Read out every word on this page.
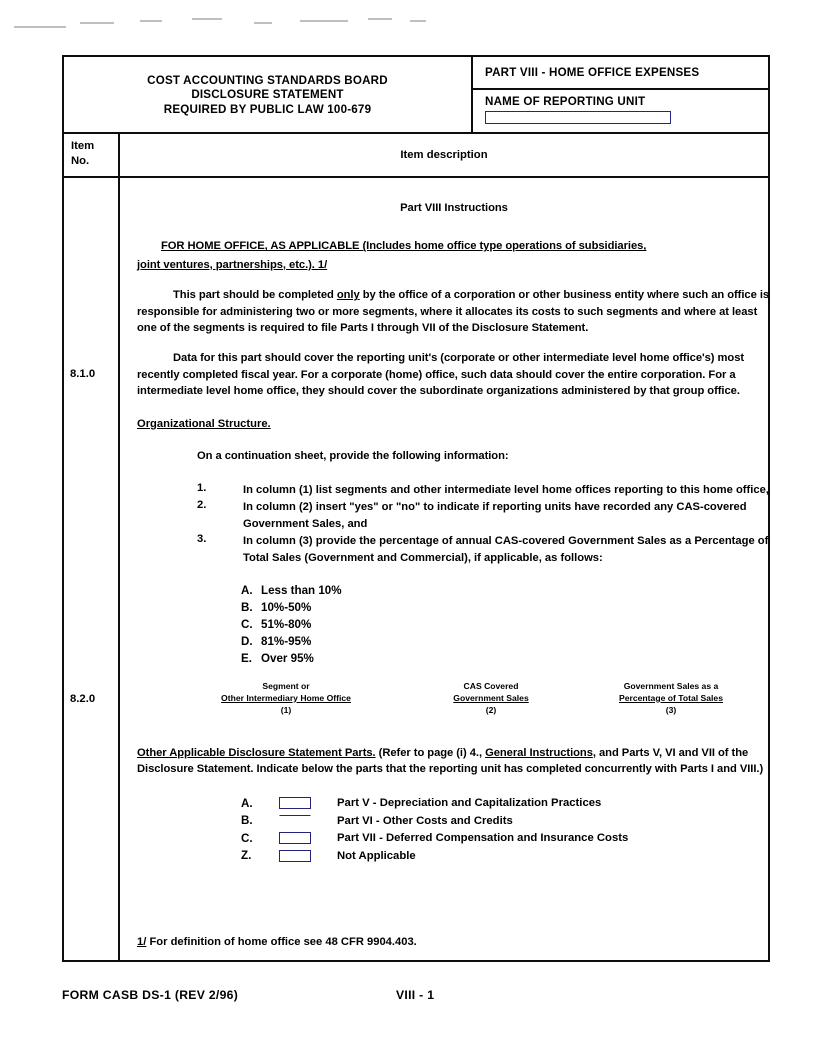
COST ACCOUNTING STANDARDS BOARD
DISCLOSURE STATEMENT
REQUIRED BY PUBLIC LAW 100-679
PART VIII - HOME OFFICE EXPENSES
NAME OF REPORTING UNIT
Item
No.	Item description
8.1.0
8.2.0
Part VIII Instructions
FOR HOME OFFICE, AS APPLICABLE (Includes home office type operations of subsidiaries,
joint ventures, partnerships, etc.). 1/

This part should be completed only by the office of a corporation or other business entity where such an office is responsible for administering two or more segments, where it allocates its costs to such segments and where at least one of the segments is required to file Parts I through VII of the Disclosure Statement.

Data for this part should cover the reporting unit's (corporate or other intermediate level home office's) most recently completed fiscal year. For a corporate (home) office, such data should cover the entire corporation. For a intermediate level home office, they should cover the subordinate organizations administered by that group office.

Organizational Structure.
On a continuation sheet, provide the following information:
1.	In column (1) list segments and other intermediate level home offices reporting to this home office,
2.	In column (2) insert "yes" or "no" to indicate if reporting units have recorded any CAS-covered Government Sales, and
3.	In column (3) provide the percentage of annual CAS-covered Government Sales as a Percentage of Total Sales (Government and Commercial), if applicable, as follows:
A. Less than 10%
B. 10%-50%
C. 51%-80%
D. 81%-95%
E. Over 95%
Segment or
Other Intermediary Home Office
(1)
CAS Covered
Government Sales
(2)
Government Sales as a
Percentage of Total Sales
(3)

Other Applicable Disclosure Statement Parts. (Refer to page (i) 4., General Instructions, and Parts V, VI and VII of the Disclosure Statement. Indicate below the parts that the reporting unit has completed concurrently with Parts I and VIII.)

A.	Part V - Depreciation and Capitalization Practices
B.	Part VI - Other Costs and Credits
C.	Part VII - Deferred Compensation and Insurance Costs
Z.	Not Applicable
1/ For definition of home office see 48 CFR 9904.403.
FORM CASB DS-1 (REV 2/96)	VIII - 1
